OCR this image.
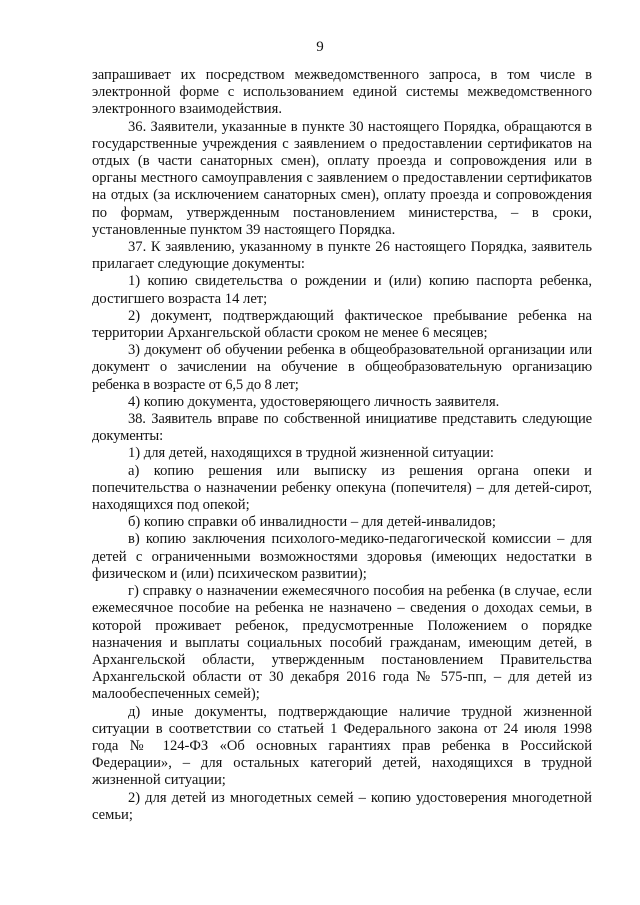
9

запрашивает их посредством межведомственного запроса, в том числе в электронной форме с использованием единой системы межведомственного электронного взаимодействия.

36. Заявители, указанные в пункте 30 настоящего Порядка, обращаются в государственные учреждения с заявлением о предоставлении сертификатов на отдых (в части санаторных смен), оплату проезда и сопровождения или в органы местного самоуправления с заявлением о предоставлении сертификатов на отдых (за исключением санаторных смен), оплату проезда и сопровождения по формам, утвержденным постановлением министерства, – в сроки, установленные пунктом 39 настоящего Порядка.

37. К заявлению, указанному в пункте 26 настоящего Порядка, заявитель прилагает следующие документы:

1) копию свидетельства о рождении и (или) копию паспорта ребенка, достигшего возраста 14 лет;

2) документ, подтверждающий фактическое пребывание ребенка на территории Архангельской области сроком не менее 6 месяцев;

3) документ об обучении ребенка в общеобразовательной организации или документ о зачислении на обучение в общеобразовательную организацию ребенка в возрасте от 6,5 до 8 лет;

4) копию документа, удостоверяющего личность заявителя.

38. Заявитель вправе по собственной инициативе представить следующие документы:

1) для детей, находящихся в трудной жизненной ситуации:

а) копию решения или выписку из решения органа опеки и попечительства о назначении ребенку опекуна (попечителя) – для детей-сирот, находящихся под опекой;

б) копию справки об инвалидности – для детей-инвалидов;

в) копию заключения психолого-медико-педагогической комиссии – для детей с ограниченными возможностями здоровья (имеющих недостатки в физическом и (или) психическом развитии);

г) справку о назначении ежемесячного пособия на ребенка (в случае, если ежемесячное пособие на ребенка не назначено – сведения о доходах семьи, в которой проживает ребенок, предусмотренные Положением о порядке назначения и выплаты социальных пособий гражданам, имеющим детей, в Архангельской области, утвержденным постановлением Правительства Архангельской области от 30 декабря 2016 года № 575-пп, – для детей из малообеспеченных семей);

д) иные документы, подтверждающие наличие трудной жизненной ситуации в соответствии со статьей 1 Федерального закона от 24 июля 1998 года № 124-ФЗ «Об основных гарантиях прав ребенка в Российской Федерации», – для остальных категорий детей, находящихся в трудной жизненной ситуации;

2) для детей из многодетных семей – копию удостоверения многодетной семьи;
